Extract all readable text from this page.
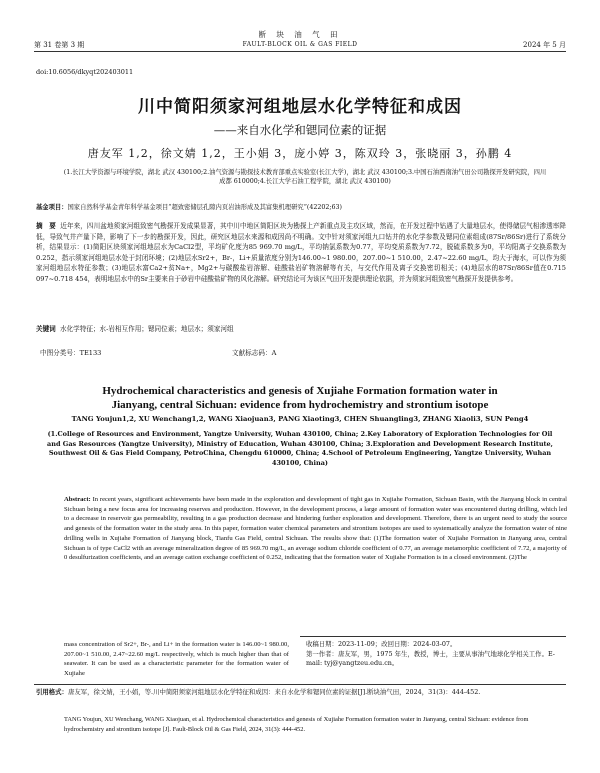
第 31 卷第 3 期
断 块 油 气 田
FAULT-BLOCK OIL & GAS FIELD	2024 年 5 月
doi:10.6056/dkyqt202403011
川中简阳须家河组地层水化学特征和成因
——来自水化学和锶同位素的证据
唐友军 1,2，徐文婧 1,2，王小娟 3，庞小婷 3，陈双玲 3，张晓丽 3，孙鹏 4
(1.长江大学资源与环境学院，湖北 武汉 430100;2.油气资源与勘探技术教育部重点实验室(长江大学)，湖北 武汉 430100;3.中国石油西南油气田公司勘探开发研究院，四川 成都 610000;4.长江大学石油工程学院，湖北 武汉 430100)
基金项目：国家自然科学基金青年科学基金项目“超致密储层孔隙内页岩油形成及其富集机理研究”(42202;63)
摘　要 近年来，四川盆地须家河组致密气勘探开发成果显著，其中川中地区简阳区块为勘探上产新重点及主攻区域，然而，在开发过程中钻遇了大量地层水，使得储层气相渗透率降低，导致气井产量下降，影响了下一步的勘探开发，因此，研究区地层水来源和成因尚不明确。文中针对须家河组九口钻井的水化学参数及锶同位素组成(87Sr/86Sr)进行了系统分析，结果显示：(1)简阳区块须家河组地层水为CaCl2型，平均矿化度为85 969.70 mg/L，平均钠氯系数为0.77，平均变质系数为7.72，脱硫系数多为0，平均阳离子交换系数为0.252，指示须家河组地层水处于封闭环境；(2)地层水Sr2+，Br-，Li+质量浓度分别为146.00~1 980.00，207.00~1 510.00，2.47~22.60 mg/L，均大于海水，可以作为须家河组地层水特征参数；(3)地层水富Ca2+贫Na+，Mg2+与碳酸盐岩溶解、硅酸盐岩矿物溶解等有关，与交代作用及离子交换密切相关；(4)地层水的87Sr/86Sr值在0.715 097~0.718 454，表明地层水中的Sr主要来自于砂岩中硅酸盐矿物的风化溶解。研究结论可为该区气田开发提供理论依据，并为须家河组致密气勘探开发提供参考。
关键词 水化学特征；水-岩相互作用；锶同位素；地层水；须家河组
中图分类号：TE133	文献标志码：A
Hydrochemical characteristics and genesis of Xujiahe Formation formation water in
Jianyang, central Sichuan: evidence from hydrochemistry and strontium isotope
TANG Youjun1,2, XU Wenchang1,2, WANG Xiaojuan3, PANG Xiaoting3, CHEN Shuangling3, ZHANG Xiaoli3, SUN Peng4
(1.College of Resources and Environment, Yangtze University, Wuhan 430100, China; 2.Key Laboratory of Exploration Technologies for Oil and Gas Resources (Yangtze University), Ministry of Education, Wuhan 430100, China; 3.Exploration and Development Research Institute, Southwest Oil & Gas Field Company, PetroChina, Chengdu 610000, China; 4.School of Petroleum Engineering, Yangtze University, Wuhan 430100, China)
Abstract: In recent years, significant achievements have been made in the exploration and development of tight gas in Xujiahe Formation, Sichuan Basin, with the Jianyang block in central Sichuan being a new focus area for increasing reserves and production. However, in the development process, a large amount of formation water was encountered during drilling, which led to a decrease in reservoir gas permeability, resulting in a gas production decrease and hindering further exploration and development. Therefore, there is an urgent need to study the source and genesis of the formation water in the study area. In this paper, formation water chemical parameters and strontium isotopes are used to systematically analyze the formation water of nine drilling wells in Xujiahe Formation of Jianyang block, Tianfu Gas Field, central Sichuan. The results show that: (1)The formation water of Xujiahe Formation in Jianyang area, central Sichuan is of type CaCl2 with an average mineralization degree of 85 969.70 mg/L, an average sodium chloride coefficient of 0.77, an average metamorphic coefficient of 7.72, a majority of 0 desulfurization coefficients, and an average cation exchange coefficient of 0.252, indicating that the formation water of Xujiahe Formation is in a closed environment. (2)The
mass concentration of Sr2+, Br-, and Li+ in the formation water is 146.00~1 980.00, 207.00~1 510.00, 2.47~22.60 mg/L respectively, which is much higher than that of seawater. It can be used as a characteristic parameter for the formation water of Xujiahe
收稿日期：2023-11-09；改回日期：2024-03-07。
第一作者：唐友军，男，1975 年生，教授，博士，主要从事油气地球化学相关工作。E-mail: tyj@yangtzeu.edu.cn。
引用格式：唐友军，徐文婧，王小娟，等.川中简阳须家河组地层水化学特征和成因：来自水化学和锶同位素的证据[J].断块油气田，2024，31(3)：444-452.
TANG Youjun, XU Wenchang, WANG Xiaojuan, et al. Hydrochemical characteristics and genesis of Xujiahe Formation formation water in Jianyang, central Sichuan: evidence from hydrochemistry and strontium isotope [J]. Fault-Block Oil & Gas Field, 2024, 31(3): 444-452.
